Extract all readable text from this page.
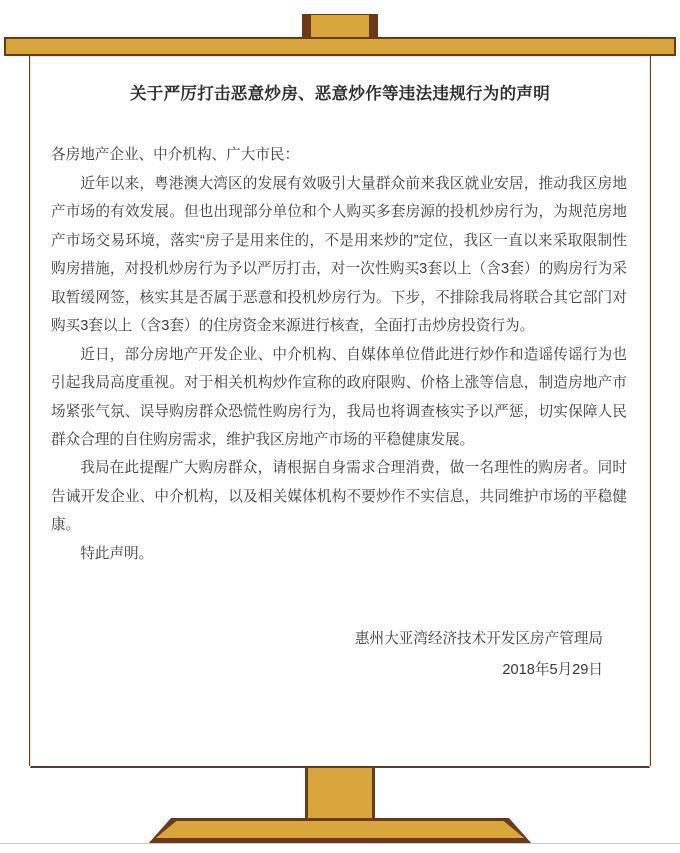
关于严厉打击恶意炒房、恶意炒作等违法违规行为的声明

各房地产企业、中介机构、广大市民：

近年以来，粤港澳大湾区的发展有效吸引大量群众前来我区就业安居，推动我区房地产市场的有效发展。但也出现部分单位和个人购买多套房源的投机炒房行为，为规范房地产市场交易环境，落实“房子是用来住的，不是用来炒的”定位，我区一直以来采取限制性购房措施，对投机炒房行为予以严厉打击，对一次性购买3套以上（含3套）的购房行为采取暂缓网签，核实其是否属于恶意和投机炒房行为。下步，不排除我局将联合其它部门对购买3套以上（含3套）的住房资金来源进行核查，全面打击炒房投资行为。

近日，部分房地产开发企业、中介机构、自媒体单位借此进行炒作和造谣传谣行为也引起我局高度重视。对于相关机构炒作宣称的政府限购、价格上涨等信息，制造房地产市场紧张气氛、误导购房群众恐慌性购房行为，我局也将调查核实予以严惩，切实保障人民群众合理的自住购房需求，维护我区房地产市场的平稳健康发展。

我局在此提醒广大购房群众，请根据自身需求合理消费，做一名理性的购房者。同时告诫开发企业、中介机构，以及相关媒体机构不要炒作不实信息，共同维护市场的平稳健康。

特此声明。

惠州大亚湾经济技术开发区房产管理局
2018年5月29日
